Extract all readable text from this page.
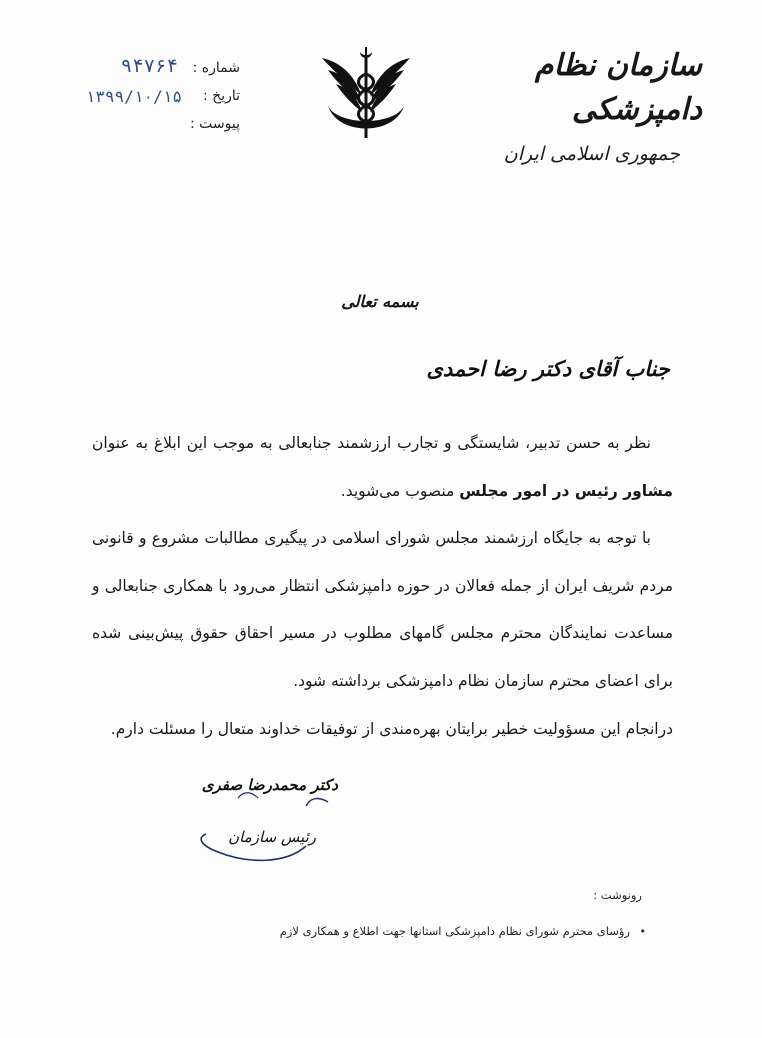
سازمان نظام دامپزشکی
جمهوری اسلامی ایران
شماره :
۹۴۷۶۴
تاریخ :
۱۳۹۹/۱۰/۱۵
پیوست :
بسمه تعالی
جناب آقای دکتر رضا احمدی

نظر به حسن تدبیر، شایستگی و تجارب ارزشمند جنابعالی به موجب این ابلاغ به عنوان مشاور رئیس در امور مجلس منصوب می‌شوید.

با توجه به جایگاه ارزشمند مجلس شورای اسلامی در پیگیری مطالبات مشروع و قانونی مردم شریف ایران از جمله فعالان در حوزه دامپزشکی انتظار می‌رود با همکاری جنابعالی و مساعدت نمایندگان محترم مجلس گامهای مطلوب در مسیر احقاق حقوق پیش‌بینی شده برای اعضای محترم سازمان نظام دامپزشکی برداشته شود.

درانجام این مسؤولیت خطیر برایتان بهره‌مندی از توفیقات خداوند متعال را مسئلت دارم.

دکتر محمدرضا صفری
رئیس سازمان
رونوشت :
•
رؤسای محترم شورای نظام دامپزشکی استانها جهت اطلاع و همکاری لازم
